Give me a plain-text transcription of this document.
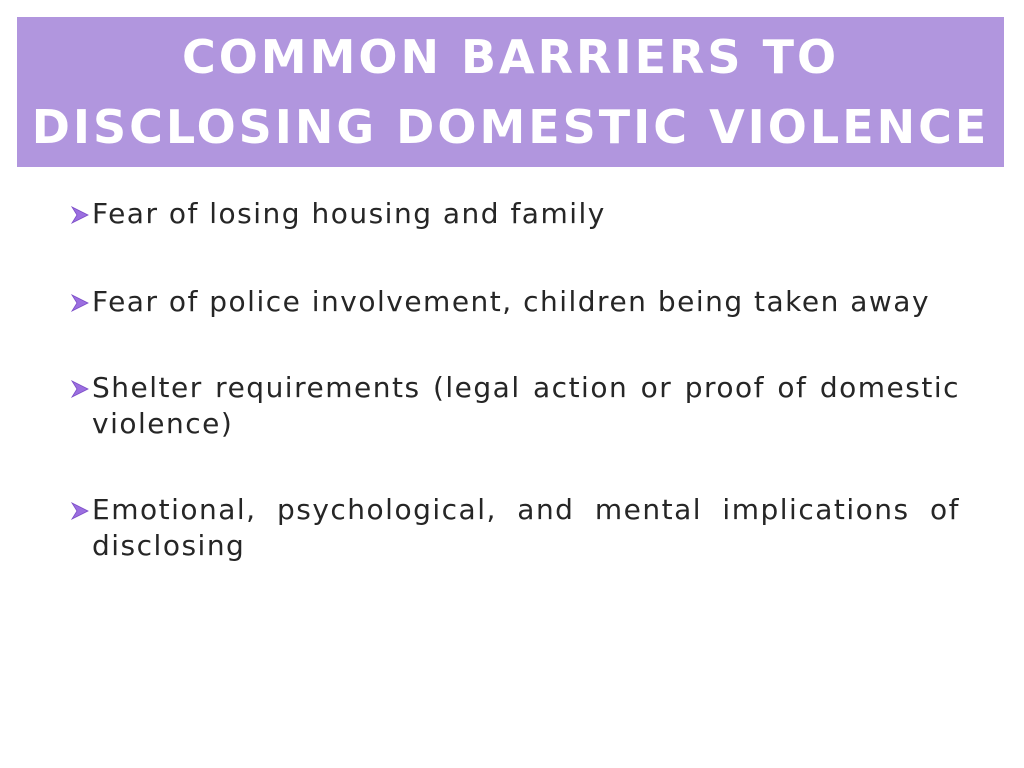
COMMON BARRIERS TO
DISCLOSING DOMESTIC VIOLENCE
Fear of losing housing and family
Fear of police involvement, children being taken away
Shelter requirements (legal action or proof of domestic violence)
Emotional, psychological, and mental implications of disclosing
